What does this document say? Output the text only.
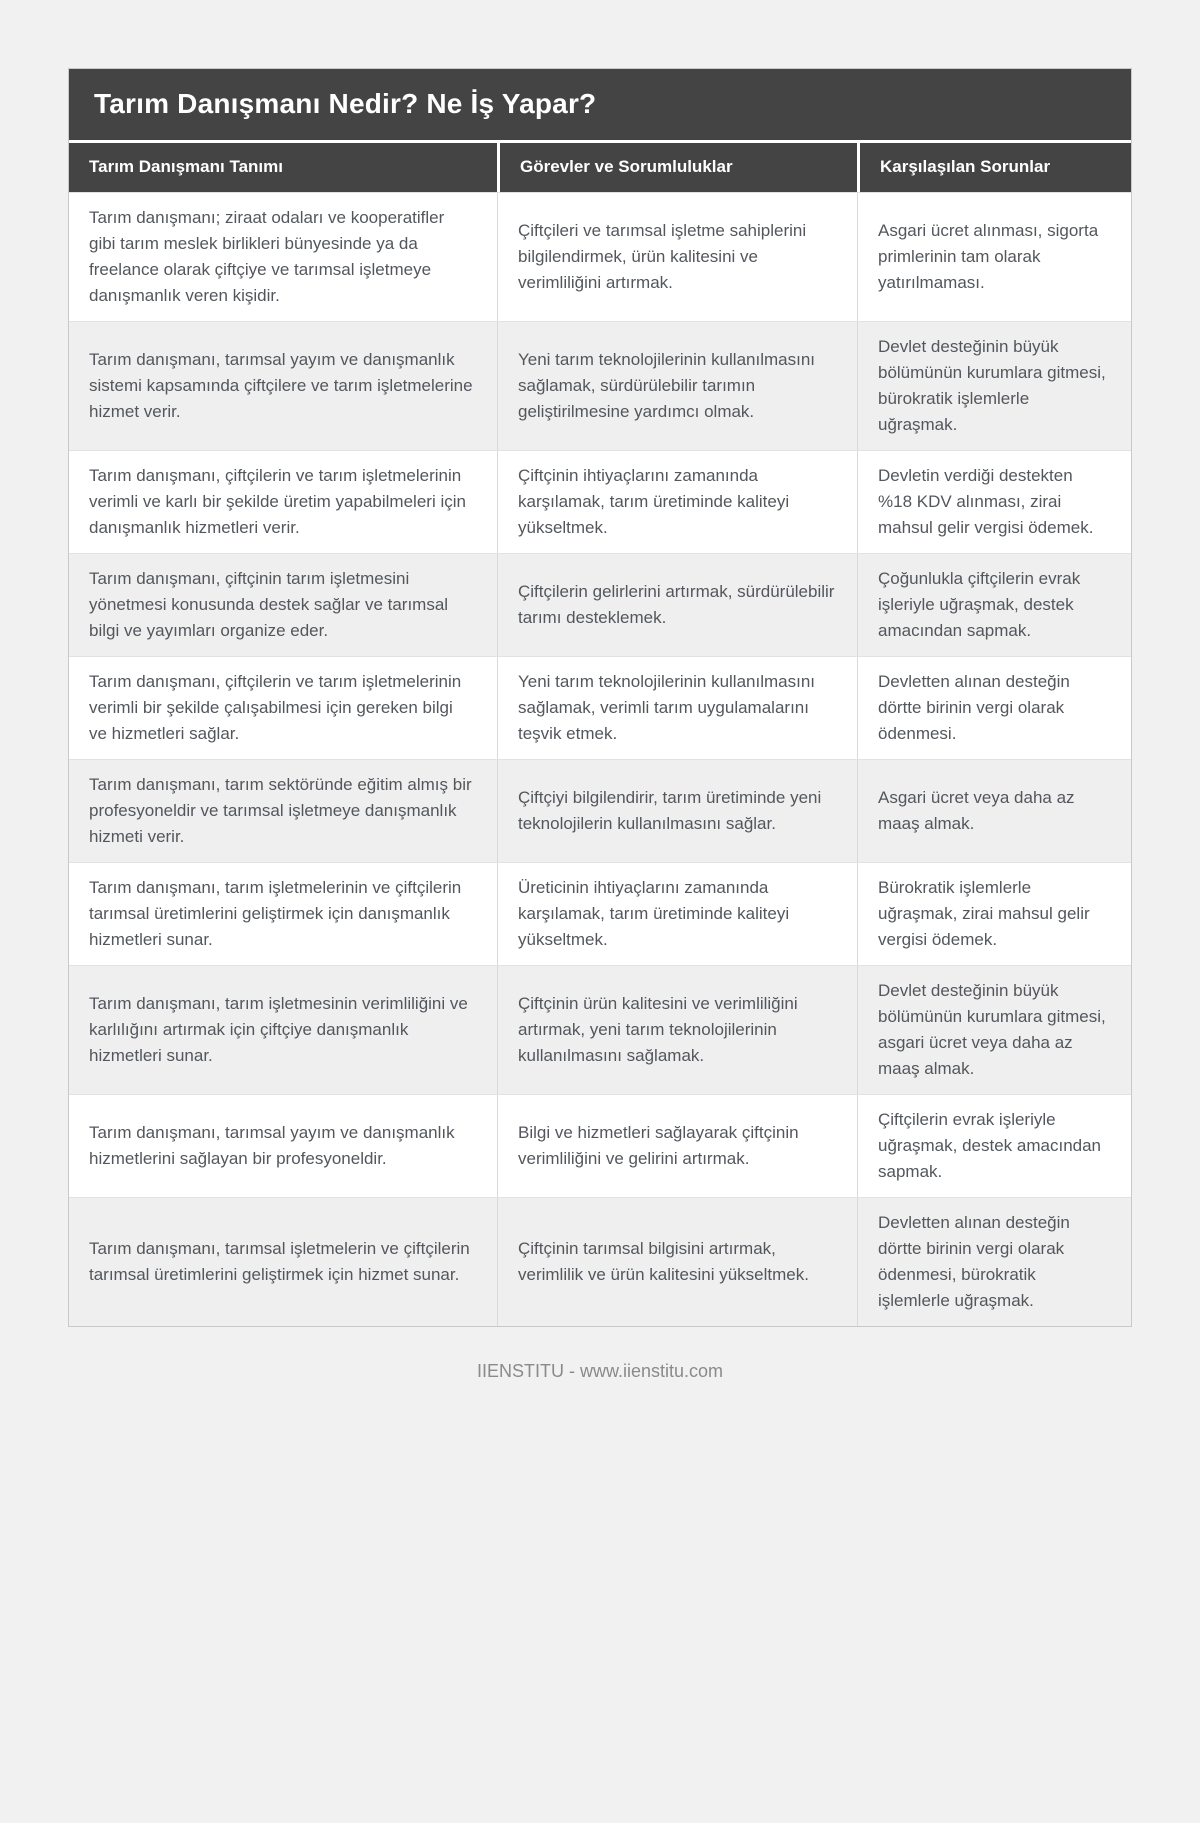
Tarım Danışmanı Nedir? Ne İş Yapar?
Tarım Danışmanı Tanımı	Görevler ve Sorumluluklar	Karşılaşılan Sorunlar
Tarım danışmanı; ziraat odaları ve kooperatifler gibi tarım meslek birlikleri bünyesinde ya da freelance olarak çiftçiye ve tarımsal işletmeye danışmanlık veren kişidir.
Çiftçileri ve tarımsal işletme sahiplerini bilgilendirmek, ürün kalitesini ve verimliliğini artırmak.
Asgari ücret alınması, sigorta primlerinin tam olarak yatırılmaması.
Tarım danışmanı, tarımsal yayım ve danışmanlık sistemi kapsamında çiftçilere ve tarım işletmelerine hizmet verir.
Yeni tarım teknolojilerinin kullanılmasını sağlamak, sürdürülebilir tarımın geliştirilmesine yardımcı olmak.
Devlet desteğinin büyük bölümünün kurumlara gitmesi, bürokratik işlemlerle uğraşmak.
Tarım danışmanı, çiftçilerin ve tarım işletmelerinin verimli ve karlı bir şekilde üretim yapabilmeleri için danışmanlık hizmetleri verir.
Çiftçinin ihtiyaçlarını zamanında karşılamak, tarım üretiminde kaliteyi yükseltmek.
Devletin verdiği destekten %18 KDV alınması, zirai mahsul gelir vergisi ödemek.
Tarım danışmanı, çiftçinin tarım işletmesini yönetmesi konusunda destek sağlar ve tarımsal bilgi ve yayımları organize eder.
Çiftçilerin gelirlerini artırmak, sürdürülebilir tarımı desteklemek.
Çoğunlukla çiftçilerin evrak işleriyle uğraşmak, destek amacından sapmak.
Tarım danışmanı, çiftçilerin ve tarım işletmelerinin verimli bir şekilde çalışabilmesi için gereken bilgi ve hizmetleri sağlar.
Yeni tarım teknolojilerinin kullanılmasını sağlamak, verimli tarım uygulamalarını teşvik etmek.
Devletten alınan desteğin dörtte birinin vergi olarak ödenmesi.
Tarım danışmanı, tarım sektöründe eğitim almış bir profesyoneldir ve tarımsal işletmeye danışmanlık hizmeti verir.
Çiftçiyi bilgilendirir, tarım üretiminde yeni teknolojilerin kullanılmasını sağlar.
Asgari ücret veya daha az maaş almak.
Tarım danışmanı, tarım işletmelerinin ve çiftçilerin tarımsal üretimlerini geliştirmek için danışmanlık hizmetleri sunar.
Üreticinin ihtiyaçlarını zamanında karşılamak, tarım üretiminde kaliteyi yükseltmek.
Bürokratik işlemlerle uğraşmak, zirai mahsul gelir vergisi ödemek.
Tarım danışmanı, tarım işletmesinin verimliliğini ve karlılığını artırmak için çiftçiye danışmanlık hizmetleri sunar.
Çiftçinin ürün kalitesini ve verimliliğini artırmak, yeni tarım teknolojilerinin kullanılmasını sağlamak.
Devlet desteğinin büyük bölümünün kurumlara gitmesi, asgari ücret veya daha az maaş almak.
Tarım danışmanı, tarımsal yayım ve danışmanlık hizmetlerini sağlayan bir profesyoneldir.
Bilgi ve hizmetleri sağlayarak çiftçinin verimliliğini ve gelirini artırmak.
Çiftçilerin evrak işleriyle uğraşmak, destek amacından sapmak.
Tarım danışmanı, tarımsal işletmelerin ve çiftçilerin tarımsal üretimlerini geliştirmek için hizmet sunar.
Çiftçinin tarımsal bilgisini artırmak, verimlilik ve ürün kalitesini yükseltmek.
Devletten alınan desteğin dörtte birinin vergi olarak ödenmesi, bürokratik işlemlerle uğraşmak.
IIENSTITU - www.iienstitu.com
